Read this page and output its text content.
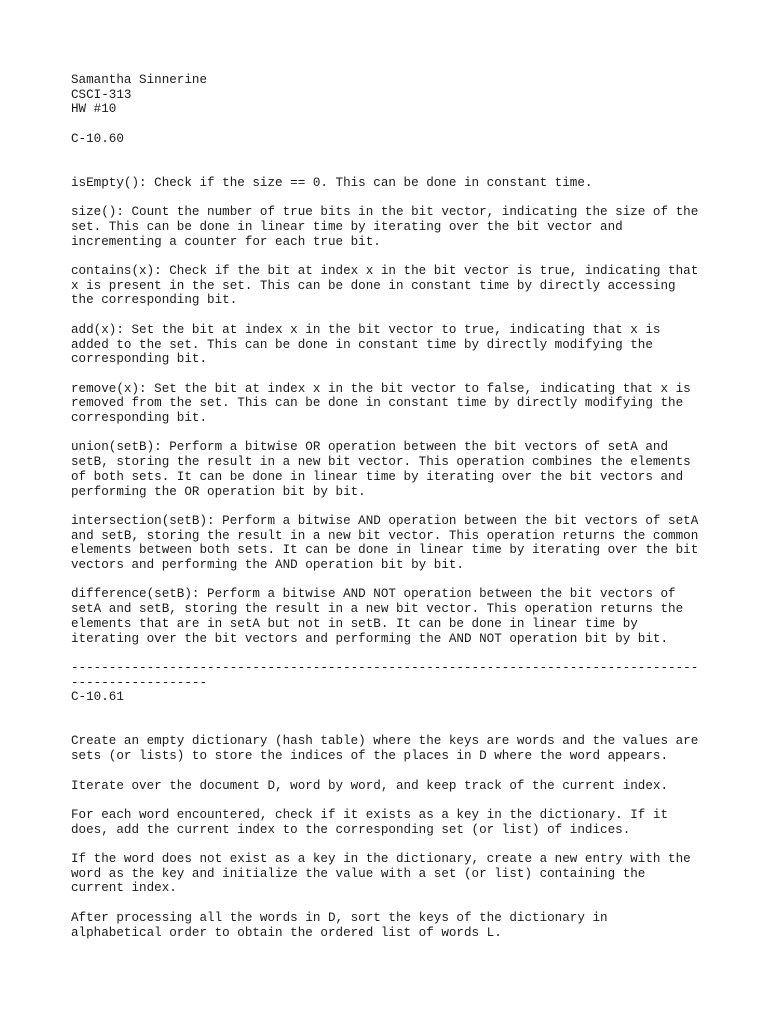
Samantha Sinnerine
CSCI-313
HW #10
C-10.60
isEmpty(): Check if the size == 0. This can be done in constant time.
size(): Count the number of true bits in the bit vector, indicating the size of the
set. This can be done in linear time by iterating over the bit vector and
incrementing a counter for each true bit.
contains(x): Check if the bit at index x in the bit vector is true, indicating that
x is present in the set. This can be done in constant time by directly accessing
the corresponding bit.
add(x): Set the bit at index x in the bit vector to true, indicating that x is
added to the set. This can be done in constant time by directly modifying the
corresponding bit.
remove(x): Set the bit at index x in the bit vector to false, indicating that x is
removed from the set. This can be done in constant time by directly modifying the
corresponding bit.
union(setB): Perform a bitwise OR operation between the bit vectors of setA and
setB, storing the result in a new bit vector. This operation combines the elements
of both sets. It can be done in linear time by iterating over the bit vectors and
performing the OR operation bit by bit.
intersection(setB): Perform a bitwise AND operation between the bit vectors of setA
and setB, storing the result in a new bit vector. This operation returns the common
elements between both sets. It can be done in linear time by iterating over the bit
vectors and performing the AND operation bit by bit.
difference(setB): Perform a bitwise AND NOT operation between the bit vectors of
setA and setB, storing the result in a new bit vector. This operation returns the
elements that are in setA but not in setB. It can be done in linear time by
iterating over the bit vectors and performing the AND NOT operation bit by bit.
-----------------------------------------------------------------------------------
------------------
C-10.61
Create an empty dictionary (hash table) where the keys are words and the values are
sets (or lists) to store the indices of the places in D where the word appears.
Iterate over the document D, word by word, and keep track of the current index.
For each word encountered, check if it exists as a key in the dictionary. If it
does, add the current index to the corresponding set (or list) of indices.
If the word does not exist as a key in the dictionary, create a new entry with the
word as the key and initialize the value with a set (or list) containing the
current index.
After processing all the words in D, sort the keys of the dictionary in
alphabetical order to obtain the ordered list of words L.
